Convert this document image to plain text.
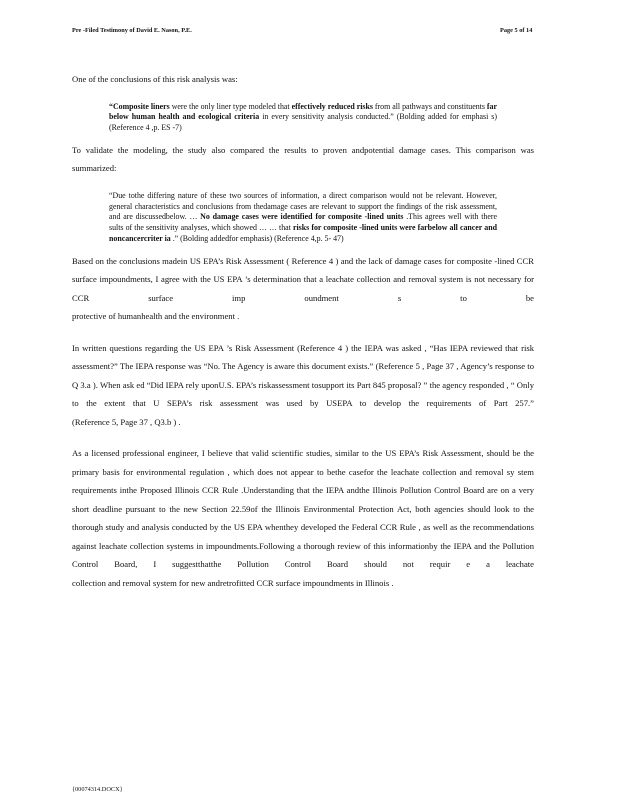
Pre -Filed Testimony of David E. Nason, P.E.	Page 5 of 14

One of the conclusions of this risk analysis was:

“Composite liners were the only liner type modeled that effectively reduced risks from all pathways and constituents far below human health and ecological criteria in every sensitivity analysis conducted.” (Bolding added for emphasi s) (Reference 4 ,p. ES -7)

To validate the modeling, the study also compared the results to proven andpotential damage cases. This comparison was summarized:

“Due tothe differing nature of these two sources of information, a direct comparison would not be relevant. However, general characteristics and conclusions from thedamage cases are relevant to support the findings of the risk assessment, and are discussedbelow. … No damage cases were identified for composite -lined units .This agrees well with there sults of the sensitivity analyses, which showed … … that risks for composite -lined units were farbelow all cancer and noncancercriter ia .” (Bolding addedfor emphasis) (Reference 4,p. 5- 47)

Based on the conclusions madein US EPA’s Risk Assessment ( Reference 4 ) and the lack of damage cases for composite -lined CCR surface impoundments, I agree with the US EPA ’s determination that a leachate collection and removal system is not necessary for CCR surface imp oundment s to be
protective of humanhealth and the environment .

In written questions regarding the US EPA ’s Risk Assessment (Reference 4 ) the IEPA was asked , “Has IEPA reviewed that risk assessment?” The IEPA response was “No. The Agency is aware this document exists.” (Reference 5 , Page 37 , Agency’s response to Q 3.a ). When ask ed “Did IEPA rely uponU.S. EPA’s riskassessment tosupport its Part 845 proposal? ” the agency responded , “ Only to the extent that U SEPA’s risk assessment was used by USEPA to develop the requirements of Part 257.”
(Reference 5, Page 37 , Q3.b ) .

As a licensed professional engineer, I believe that valid scientific studies, similar to the US EPA’s Risk Assessment, should be the primary basis for environmental regulation , which does not appear to bethe casefor the leachate collection and removal sy stem requirements inthe Proposed Illinois CCR Rule .Understanding that the IEPA andthe Illinois Pollution Control Board are on a very short deadline pursuant to the new Section 22.59of the Illinois Environmental Protection Act, both agencies should look to the thorough study and analysis conducted by the US EPA whenthey developed the Federal CCR Rule , as well as the recommendations against leachate collection systems in impoundments.Following a thorough review of this informationby the IEPA and the Pollution Control Board, I suggestthatthe Pollution Control Board should not requir e a leachate
collection and removal system for new andretrofitted CCR surface impoundments in Illinois .

{00074314.DOCX}
